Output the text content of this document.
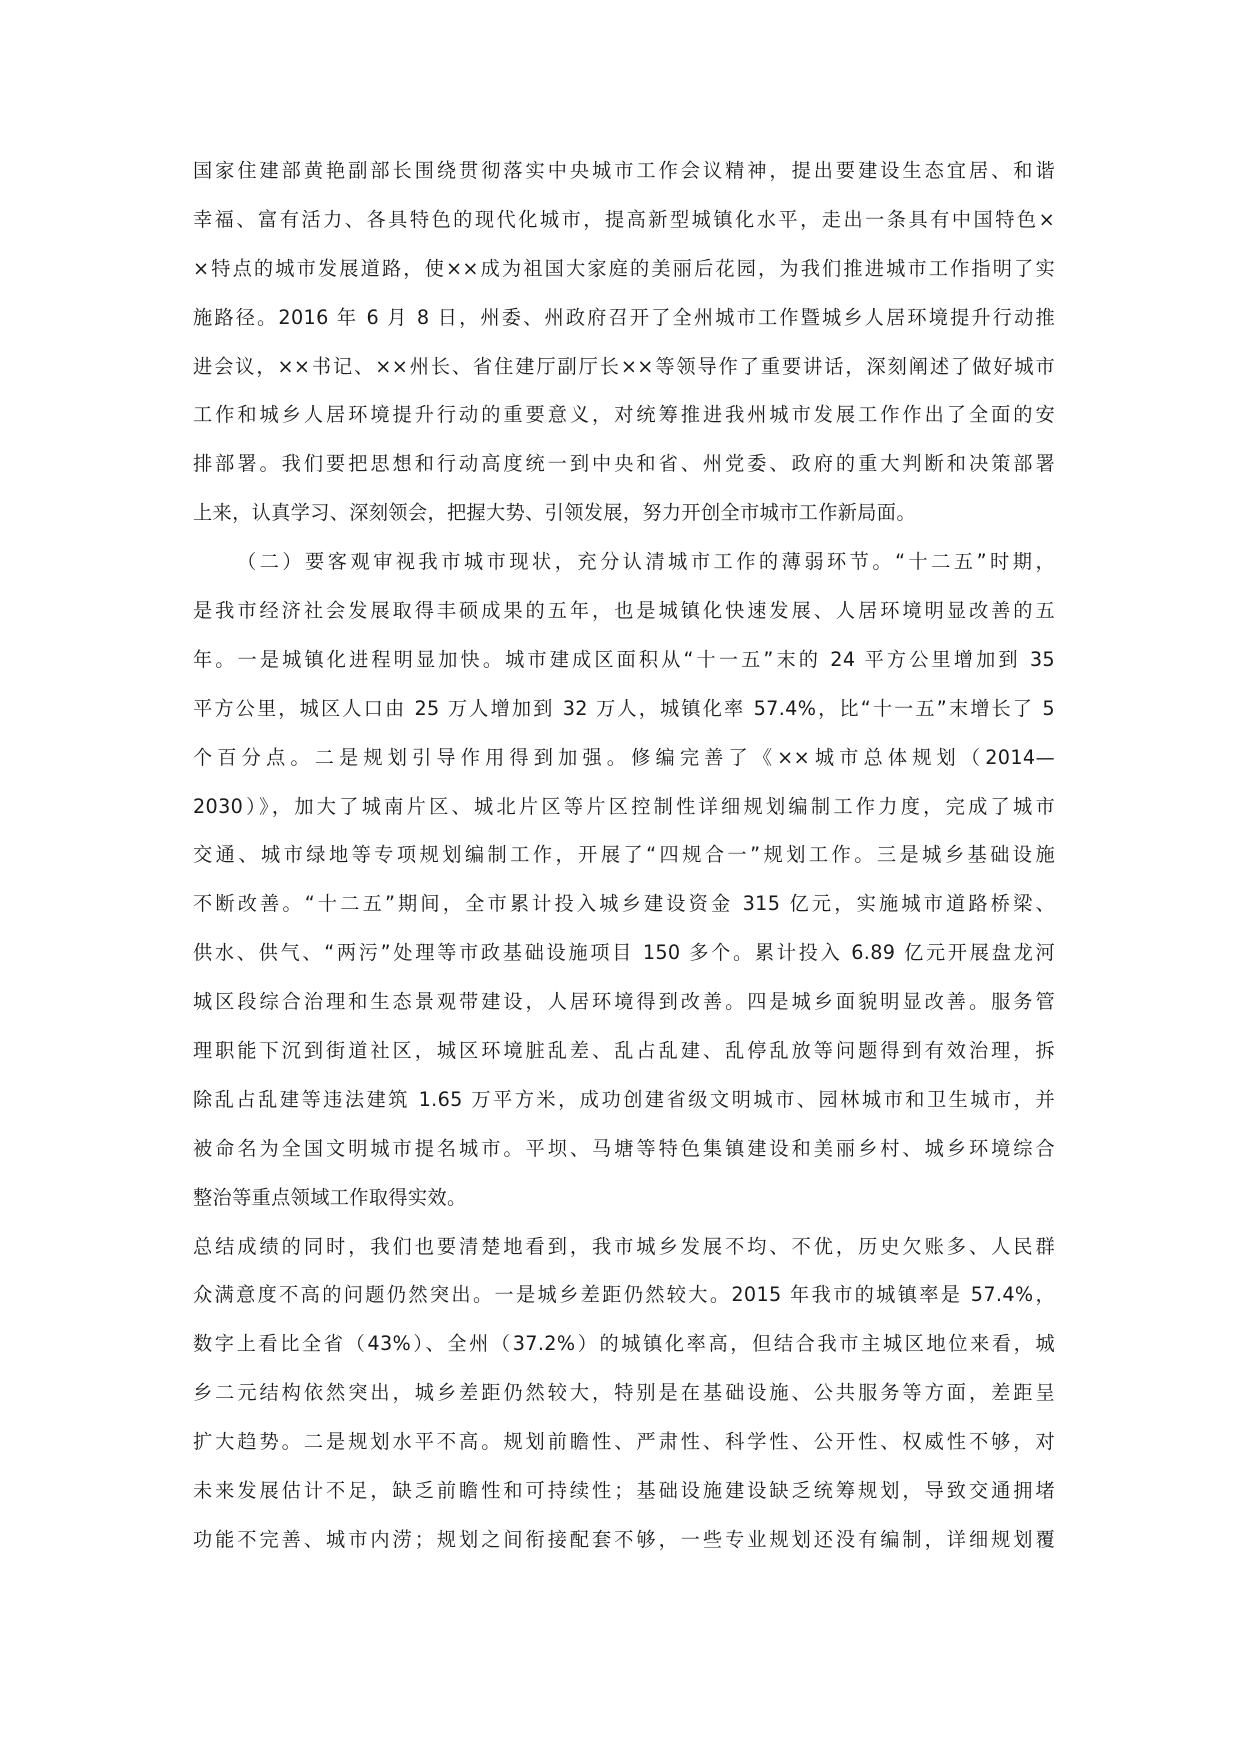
国家住建部黄艳副部长围绕贯彻落实中央城市工作会议精神，提出要建设生态宜居、和谐
幸福、富有活力、各具特色的现代化城市，提高新型城镇化水平，走出一条具有中国特色×
×特点的城市发展道路，使××成为祖国大家庭的美丽后花园，为我们推进城市工作指明了实
施路径。2016 年 6 月 8 日，州委、州政府召开了全州城市工作暨城乡人居环境提升行动推
进会议，××书记、××州长、省住建厅副厅长××等领导作了重要讲话，深刻阐述了做好城市
工作和城乡人居环境提升行动的重要意义，对统筹推进我州城市发展工作作出了全面的安
排部署。我们要把思想和行动高度统一到中央和省、州党委、政府的重大判断和决策部署
上来，认真学习、深刻领会，把握大势、引领发展，努力开创全市城市工作新局面。
（二）要客观审视我市城市现状，充分认清城市工作的薄弱环节。“十二五”时期，
是我市经济社会发展取得丰硕成果的五年，也是城镇化快速发展、人居环境明显改善的五
年。一是城镇化进程明显加快。城市建成区面积从“十一五”末的 24 平方公里增加到 35
平方公里，城区人口由 25 万人增加到 32 万人，城镇化率 57.4%，比“十一五”末增长了 5
个百分点。二是规划引导作用得到加强。修编完善了《××城市总体规划（2014—
2030）》，加大了城南片区、城北片区等片区控制性详细规划编制工作力度，完成了城市
交通、城市绿地等专项规划编制工作，开展了“四规合一”规划工作。三是城乡基础设施
不断改善。“十二五”期间，全市累计投入城乡建设资金 315 亿元，实施城市道路桥梁、
供水、供气、“两污”处理等市政基础设施项目 150 多个。累计投入 6.89 亿元开展盘龙河
城区段综合治理和生态景观带建设，人居环境得到改善。四是城乡面貌明显改善。服务管
理职能下沉到街道社区，城区环境脏乱差、乱占乱建、乱停乱放等问题得到有效治理，拆
除乱占乱建等违法建筑 1.65 万平方米，成功创建省级文明城市、园林城市和卫生城市，并
被命名为全国文明城市提名城市。平坝、马塘等特色集镇建设和美丽乡村、城乡环境综合
整治等重点领域工作取得实效。
总结成绩的同时，我们也要清楚地看到，我市城乡发展不均、不优，历史欠账多、人民群
众满意度不高的问题仍然突出。一是城乡差距仍然较大。2015 年我市的城镇率是 57.4%，
数字上看比全省（43%）、全州（37.2%）的城镇化率高，但结合我市主城区地位来看，城
乡二元结构依然突出，城乡差距仍然较大，特别是在基础设施、公共服务等方面，差距呈
扩大趋势。二是规划水平不高。规划前瞻性、严肃性、科学性、公开性、权威性不够，对
未来发展估计不足，缺乏前瞻性和可持续性；基础设施建设缺乏统筹规划，导致交通拥堵
功能不完善、城市内涝；规划之间衔接配套不够，一些专业规划还没有编制，详细规划覆
